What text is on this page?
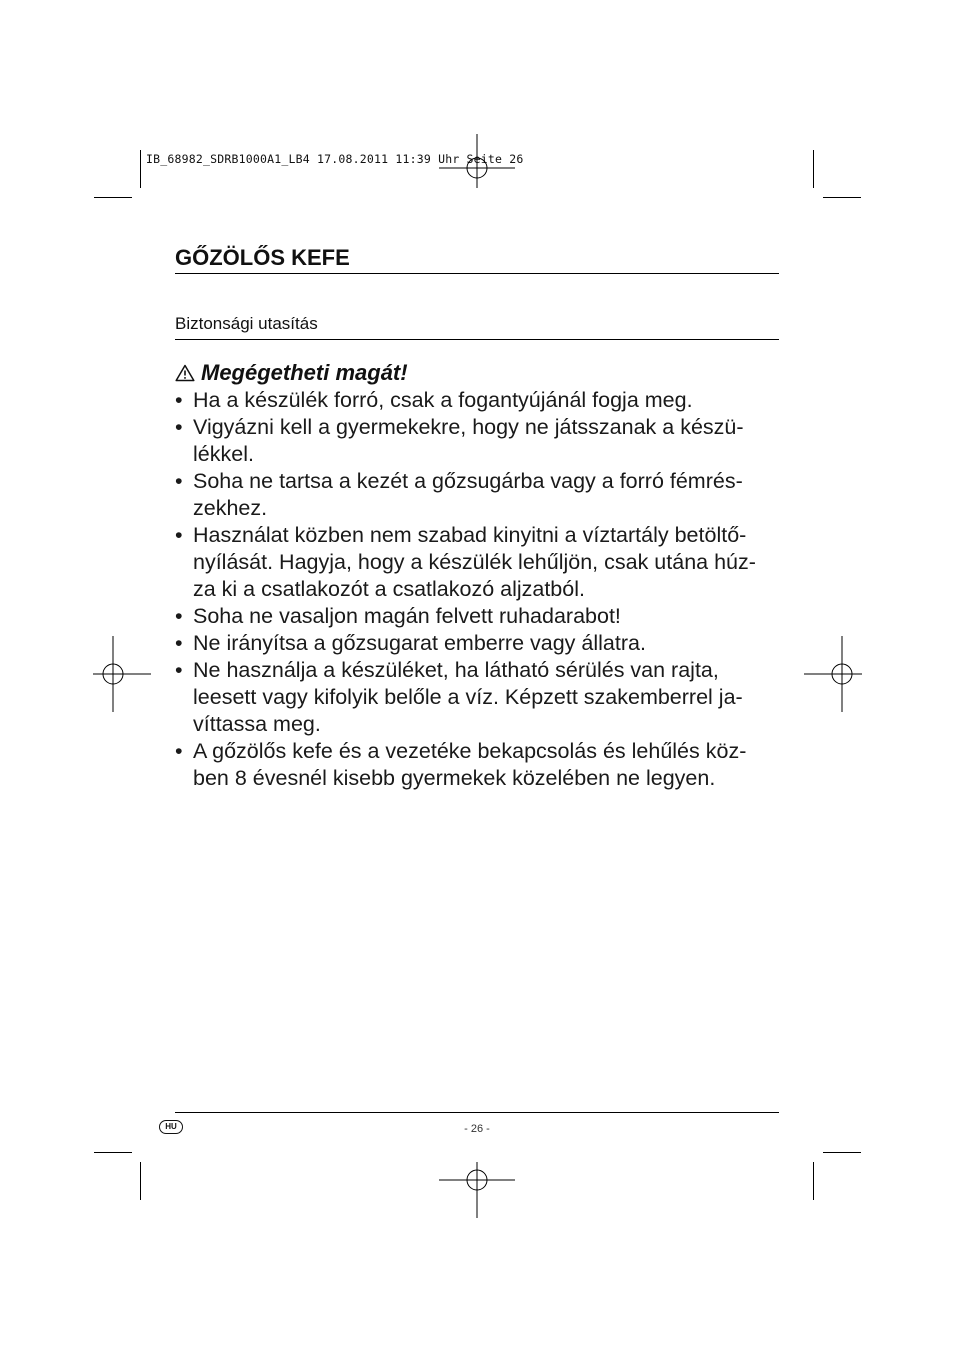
IB_68982_SDRB1000A1_LB4 17.08.2011 11:39 Uhr Seite 26
GŐZÖLŐS KEFE
Biztonsági utasítás
Megégetheti magát!
• Ha a készülék forró, csak a fogantyújánál fogja meg.
• Vigyázni kell a gyermekekre, hogy ne játsszanak a készü-
lékkel.
• Soha ne tartsa a kezét a gőzsugárba vagy a forró fémrés-
zekhez.
• Használat közben nem szabad kinyitni a víztartály betöltő-
nyílását. Hagyja, hogy a készülék lehűljön, csak utána húz-
za ki a csatlakozót a csatlakozó aljzatból.
• Soha ne vasaljon magán felvett ruhadarabot!
• Ne irányítsa a gőzsugarat emberre vagy állatra.
• Ne használja a készüléket, ha látható sérülés van rajta,
leesett vagy kifolyik belőle a víz. Képzett szakemberrel ja-
víttassa meg.
• A gőzölős kefe és a vezetéke bekapcsolás és lehűlés köz-
ben 8 évesnél kisebb gyermekek közelében ne legyen.
HU	- 26 -
